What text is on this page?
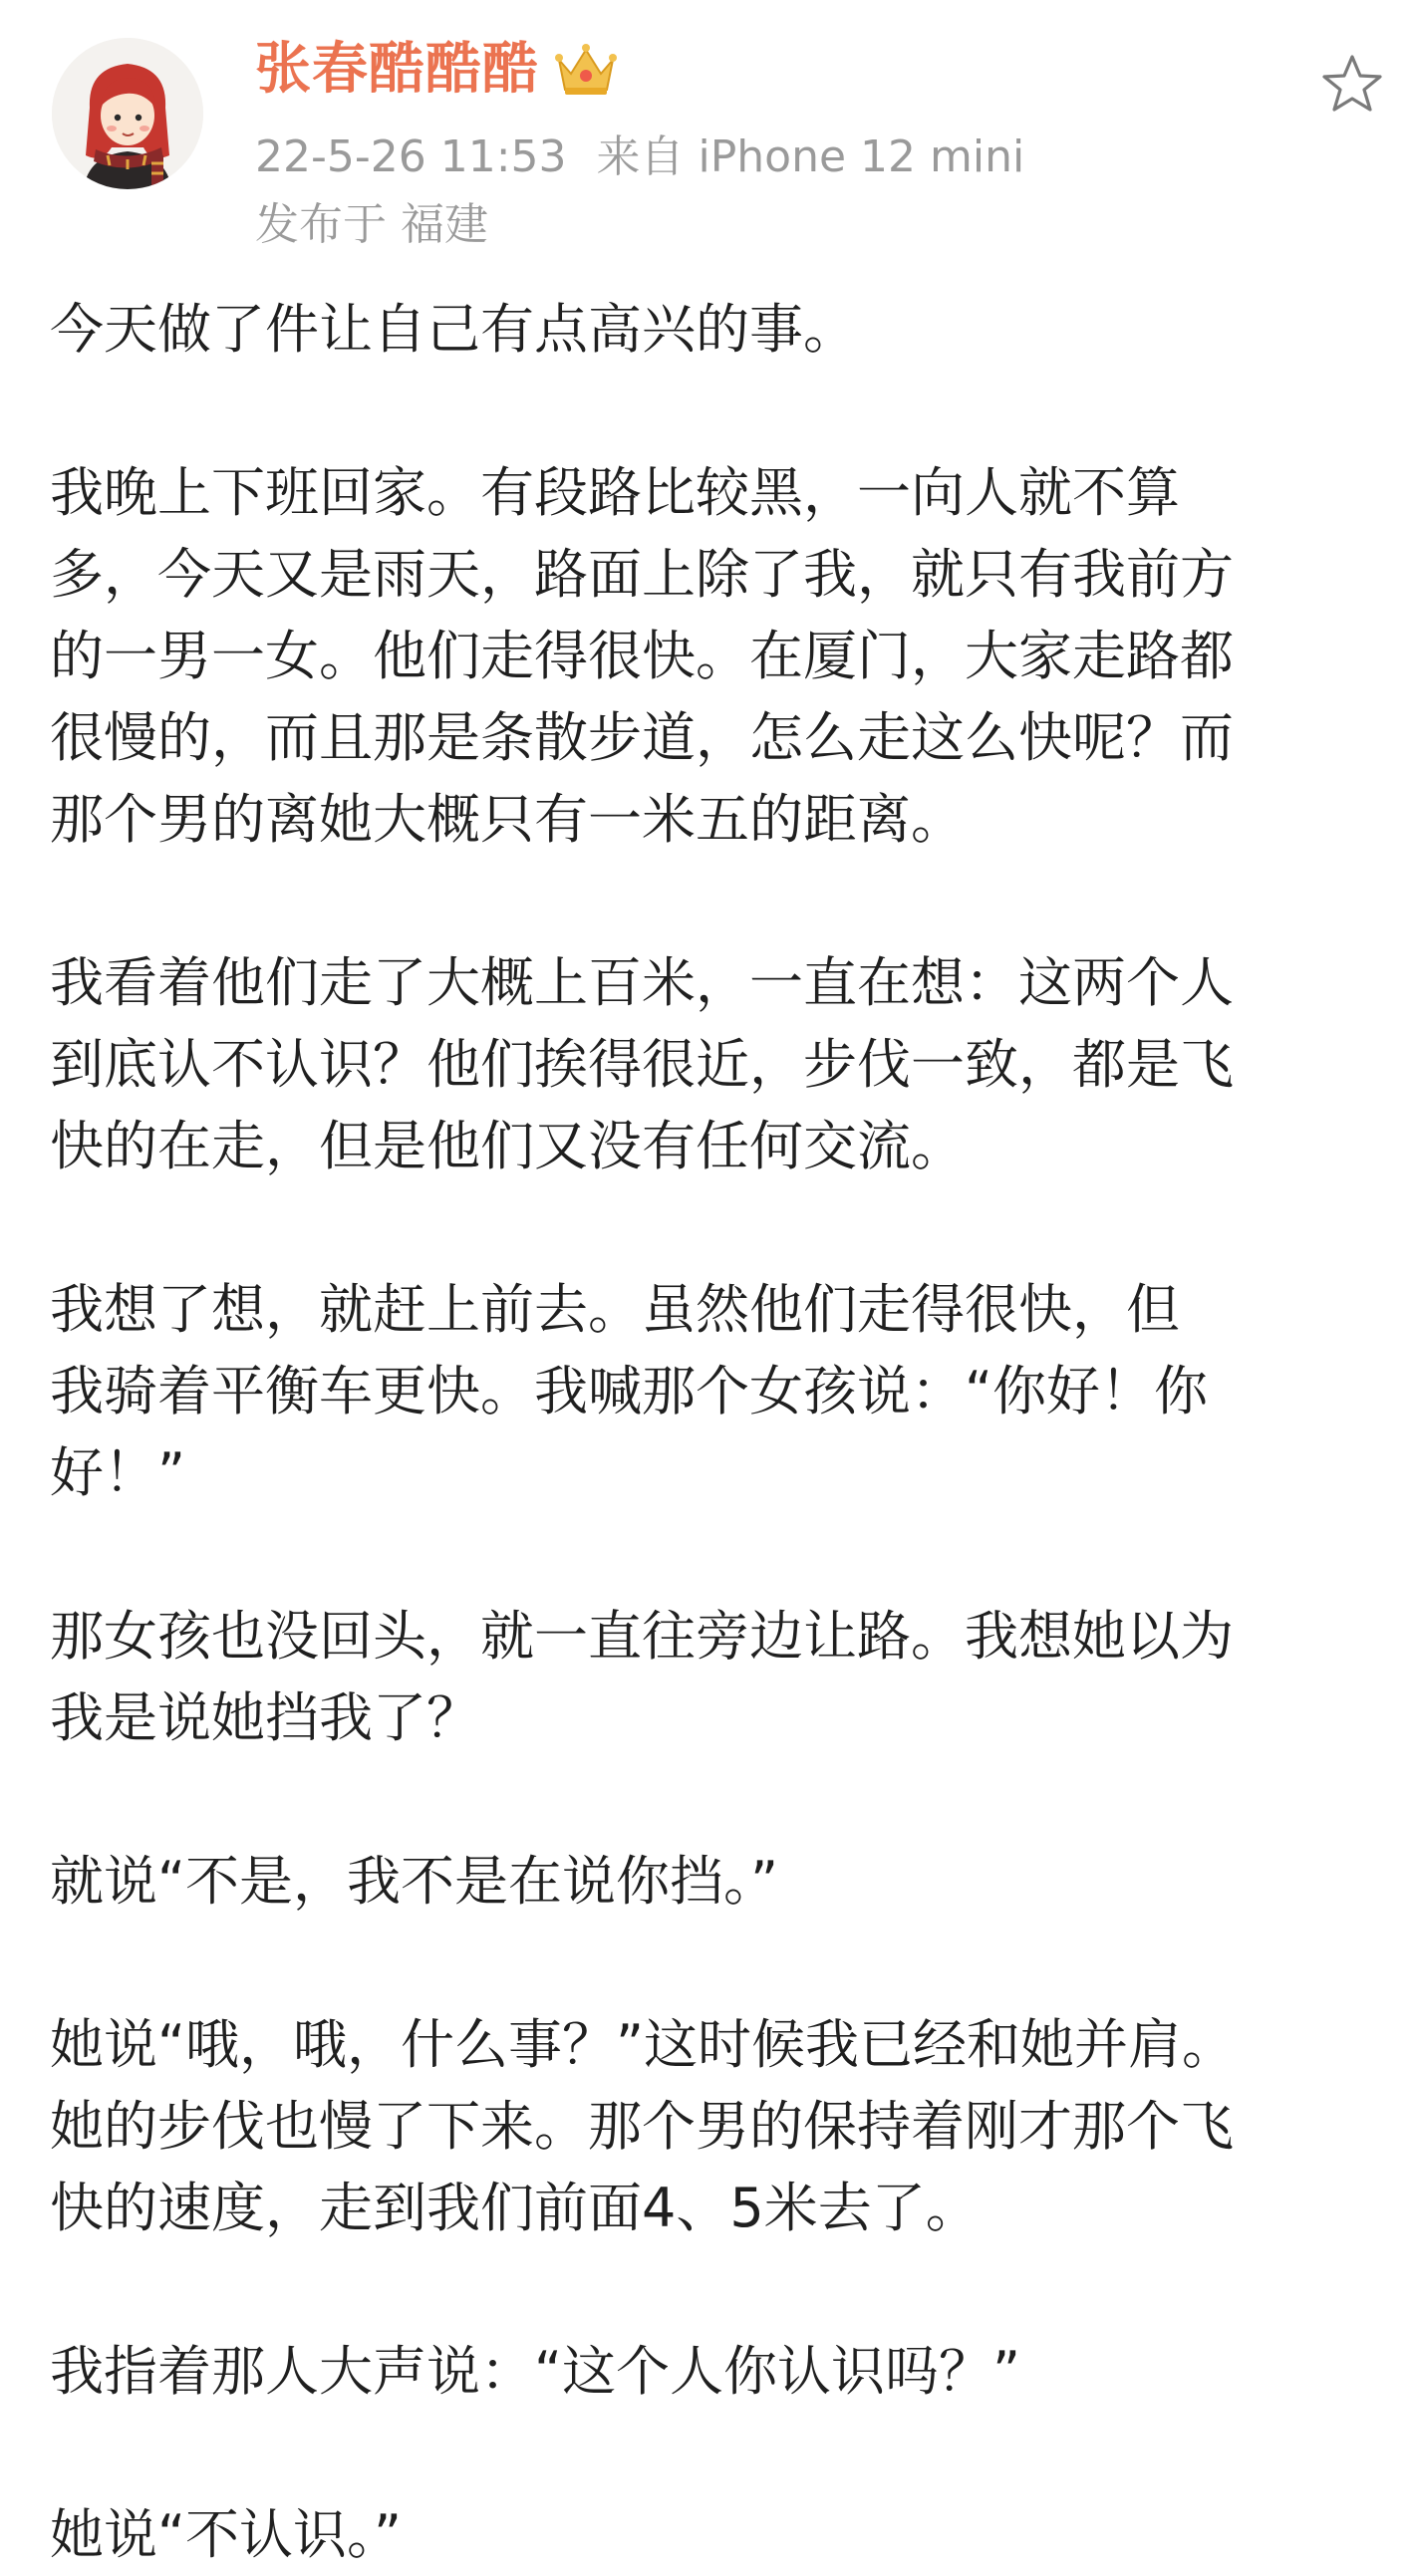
张春酷酷酷
22-5-26 11:53 来自 iPhone 12 mini
发布于 福建

今天做了件让自己有点高兴的事。

我晚上下班回家。有段路比较黑，一向人就不算
多，今天又是雨天，路面上除了我，就只有我前方
的一男一女。他们走得很快。在厦门，大家走路都
很慢的，而且那是条散步道，怎么走这么快呢？而
那个男的离她大概只有一米五的距离。

我看着他们走了大概上百米，一直在想：这两个人
到底认不认识？他们挨得很近，步伐一致，都是飞
快的在走，但是他们又没有任何交流。

我想了想，就赶上前去。虽然他们走得很快，但
我骑着平衡车更快。我喊那个女孩说：“你好！你
好！”

那女孩也没回头，就一直往旁边让路。我想她以为
我是说她挡我了？

就说“不是，我不是在说你挡。”

她说“哦，哦，什么事？”这时候我已经和她并肩。
她的步伐也慢了下来。那个男的保持着刚才那个飞
快的速度，走到我们前面4、5米去了。

我指着那人大声说：“这个人你认识吗？”

她说“不认识。”
